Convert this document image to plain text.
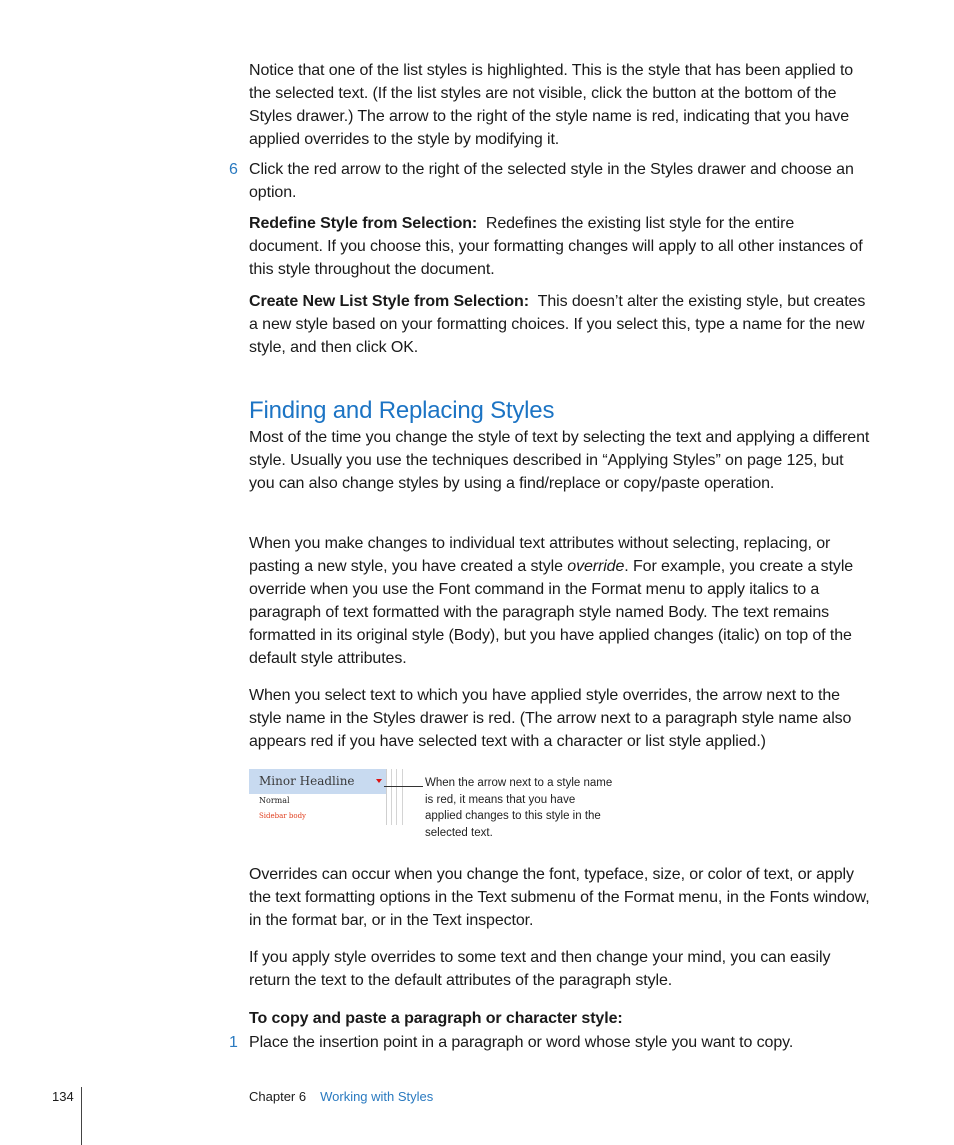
Notice that one of the list styles is highlighted. This is the style that has been applied to the selected text. (If the list styles are not visible, click the button at the bottom of the Styles drawer.) The arrow to the right of the style name is red, indicating that you have applied overrides to the style by modifying it.

6 Click the red arrow to the right of the selected style in the Styles drawer and choose an option.

Redefine Style from Selection: Redefines the existing list style for the entire document. If you choose this, your formatting changes will apply to all other instances of this style throughout the document.

Create New List Style from Selection: This doesn’t alter the existing style, but creates a new style based on your formatting choices. If you select this, type a name for the new style, and then click OK.

Finding and Replacing Styles

Most of the time you change the style of text by selecting the text and applying a different style. Usually you use the techniques described in “Applying Styles” on page 125, but you can also change styles by using a find/replace or copy/paste operation.

When you make changes to individual text attributes without selecting, replacing, or pasting a new style, you have created a style override. For example, you create a style override when you use the Font command in the Format menu to apply italics to a paragraph of text formatted with the paragraph style named Body. The text remains formatted in its original style (Body), but you have applied changes (italic) on top of the default style attributes.

When you select text to which you have applied style overrides, the arrow next to the style name in the Styles drawer is red. (The arrow next to a paragraph style name also appears red if you have selected text with a character or list style applied.)

Minor Headline
Normal
Sidebar body
When the arrow next to a style name is red, it means that you have applied changes to this style in the selected text.

Overrides can occur when you change the font, typeface, size, or color of text, or apply the text formatting options in the Text submenu of the Format menu, in the Fonts window, in the format bar, or in the Text inspector.

If you apply style overrides to some text and then change your mind, you can easily return the text to the default attributes of the paragraph style.

To copy and paste a paragraph or character style:

1 Place the insertion point in a paragraph or word whose style you want to copy.

134	Chapter 6 Working with Styles
